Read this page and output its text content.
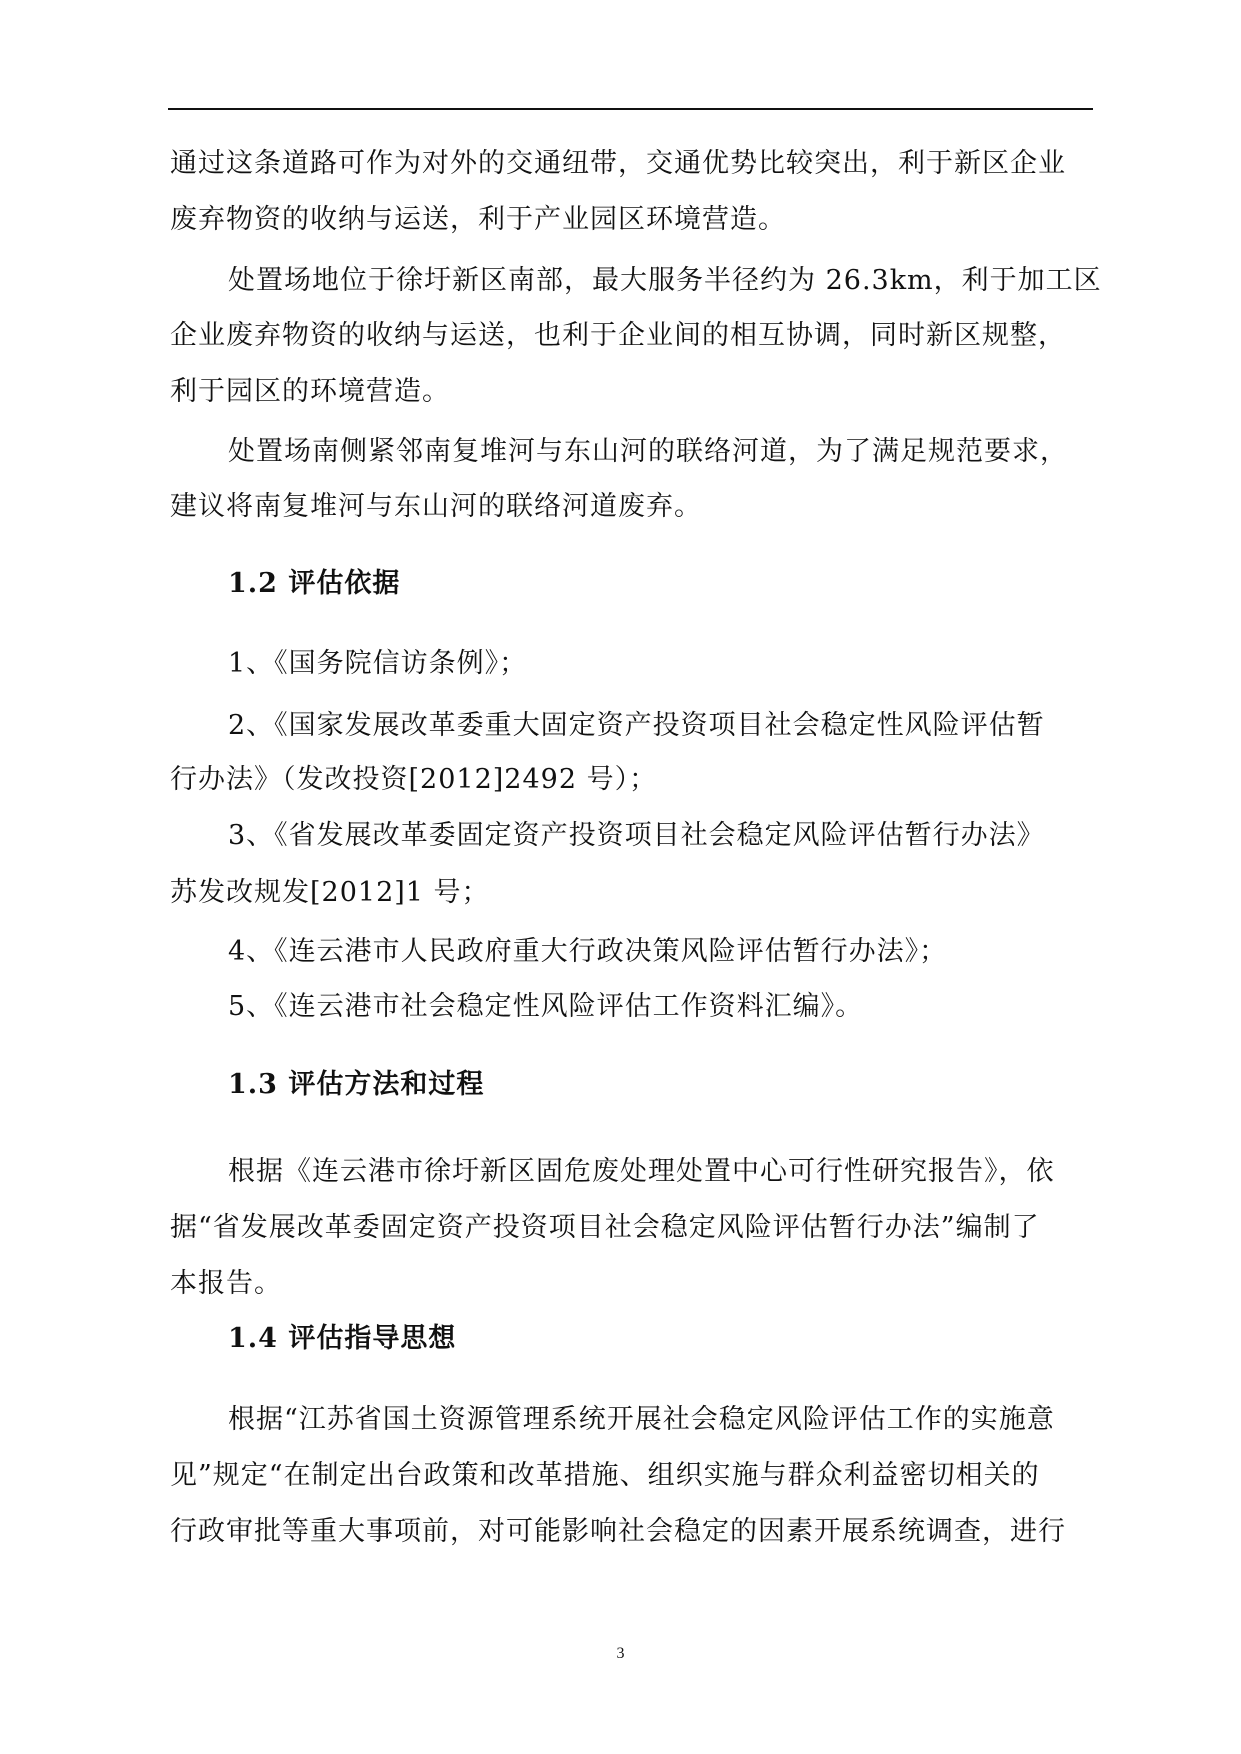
通过这条道路可作为对外的交通纽带，交通优势比较突出，利于新区企业
废弃物资的收纳与运送，利于产业园区环境营造。
处置场地位于徐圩新区南部，最大服务半径约为 26.3km，利于加工区
企业废弃物资的收纳与运送，也利于企业间的相互协调，同时新区规整，
利于园区的环境营造。
处置场南侧紧邻南复堆河与东山河的联络河道，为了满足规范要求，
建议将南复堆河与东山河的联络河道废弃。
1.2 评估依据
1、《国务院信访条例》；
2、《国家发展改革委重大固定资产投资项目社会稳定性风险评估暂
行办法》（发改投资[2012]2492 号）；
3、《省发展改革委固定资产投资项目社会稳定风险评估暂行办法》
苏发改规发[2012]1 号；
4、《连云港市人民政府重大行政决策风险评估暂行办法》；
5、《连云港市社会稳定性风险评估工作资料汇编》。
1.3 评估方法和过程
根据《连云港市徐圩新区固危废处理处置中心可行性研究报告》，依
据“省发展改革委固定资产投资项目社会稳定风险评估暂行办法”编制了
本报告。
1.4 评估指导思想
根据“江苏省国土资源管理系统开展社会稳定风险评估工作的实施意
见”规定“在制定出台政策和改革措施、组织实施与群众利益密切相关的
行政审批等重大事项前，对可能影响社会稳定的因素开展系统调查，进行
3
